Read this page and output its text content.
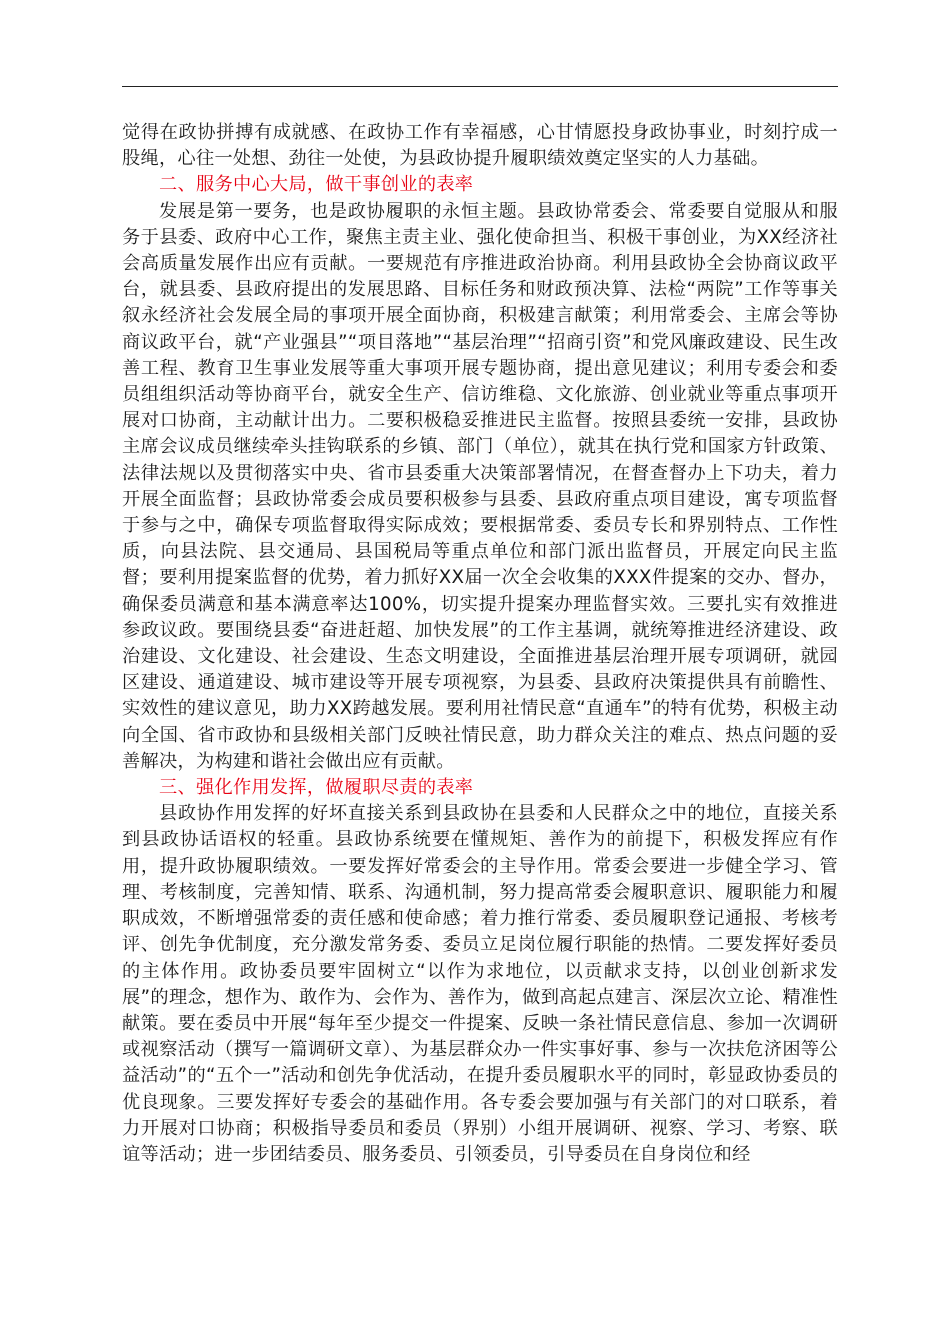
觉得在政协拼搏有成就感、在政协工作有幸福感，心甘情愿投身政协事业，时刻拧成一股绳，心往一处想、劲往一处使，为县政协提升履职绩效奠定坚实的人力基础。

二、服务中心大局，做干事创业的表率

发展是第一要务，也是政协履职的永恒主题。县政协常委会、常委要自觉服从和服务于县委、政府中心工作，聚焦主责主业、强化使命担当、积极干事创业，为XX经济社会高质量发展作出应有贡献。一要规范有序推进政治协商。利用县政协全会协商议政平台，就县委、县政府提出的发展思路、目标任务和财政预决算、法检“两院”工作等事关叙永经济社会发展全局的事项开展全面协商，积极建言献策；利用常委会、主席会等协商议政平台，就“产业强县”“项目落地”“基层治理”“招商引资”和党风廉政建设、民生改善工程、教育卫生事业发展等重大事项开展专题协商，提出意见建议；利用专委会和委员组组织活动等协商平台，就安全生产、信访维稳、文化旅游、创业就业等重点事项开展对口协商，主动献计出力。二要积极稳妥推进民主监督。按照县委统一安排，县政协主席会议成员继续牵头挂钩联系的乡镇、部门（单位），就其在执行党和国家方针政策、法律法规以及贯彻落实中央、省市县委重大决策部署情况，在督查督办上下功夫，着力开展全面监督；县政协常委会成员要积极参与县委、县政府重点项目建设，寓专项监督于参与之中，确保专项监督取得实际成效；要根据常委、委员专长和界别特点、工作性质，向县法院、县交通局、县国税局等重点单位和部门派出监督员，开展定向民主监督；要利用提案监督的优势，着力抓好XX届一次全会收集的XXX件提案的交办、督办，确保委员满意和基本满意率达100%，切实提升提案办理监督实效。三要扎实有效推进参政议政。要围绕县委“奋进赶超、加快发展”的工作主基调，就统筹推进经济建设、政治建设、文化建设、社会建设、生态文明建设，全面推进基层治理开展专项调研，就园区建设、通道建设、城市建设等开展专项视察，为县委、县政府决策提供具有前瞻性、实效性的建议意见，助力XX跨越发展。要利用社情民意“直通车”的特有优势，积极主动向全国、省市政协和县级相关部门反映社情民意，助力群众关注的难点、热点问题的妥善解决，为构建和谐社会做出应有贡献。

三、强化作用发挥，做履职尽责的表率

县政协作用发挥的好坏直接关系到县政协在县委和人民群众之中的地位，直接关系到县政协话语权的轻重。县政协系统要在懂规矩、善作为的前提下，积极发挥应有作用，提升政协履职绩效。一要发挥好常委会的主导作用。常委会要进一步健全学习、管理、考核制度，完善知情、联系、沟通机制，努力提高常委会履职意识、履职能力和履职成效，不断增强常委的责任感和使命感；着力推行常委、委员履职登记通报、考核考评、创先争优制度，充分激发常务委、委员立足岗位履行职能的热情。二要发挥好委员的主体作用。政协委员要牢固树立“以作为求地位，以贡献求支持，以创业创新求发展”的理念，想作为、敢作为、会作为、善作为，做到高起点建言、深层次立论、精准性献策。要在委员中开展“每年至少提交一件提案、反映一条社情民意信息、参加一次调研或视察活动（撰写一篇调研文章）、为基层群众办一件实事好事、参与一次扶危济困等公益活动”的“五个一”活动和创先争优活动，在提升委员履职水平的同时，彰显政协委员的优良现象。三要发挥好专委会的基础作用。各专委会要加强与有关部门的对口联系，着力开展对口协商；积极指导委员和委员（界别）小组开展调研、视察、学习、考察、联谊等活动；进一步团结委员、服务委员、引领委员，引导委员在自身岗位和经
